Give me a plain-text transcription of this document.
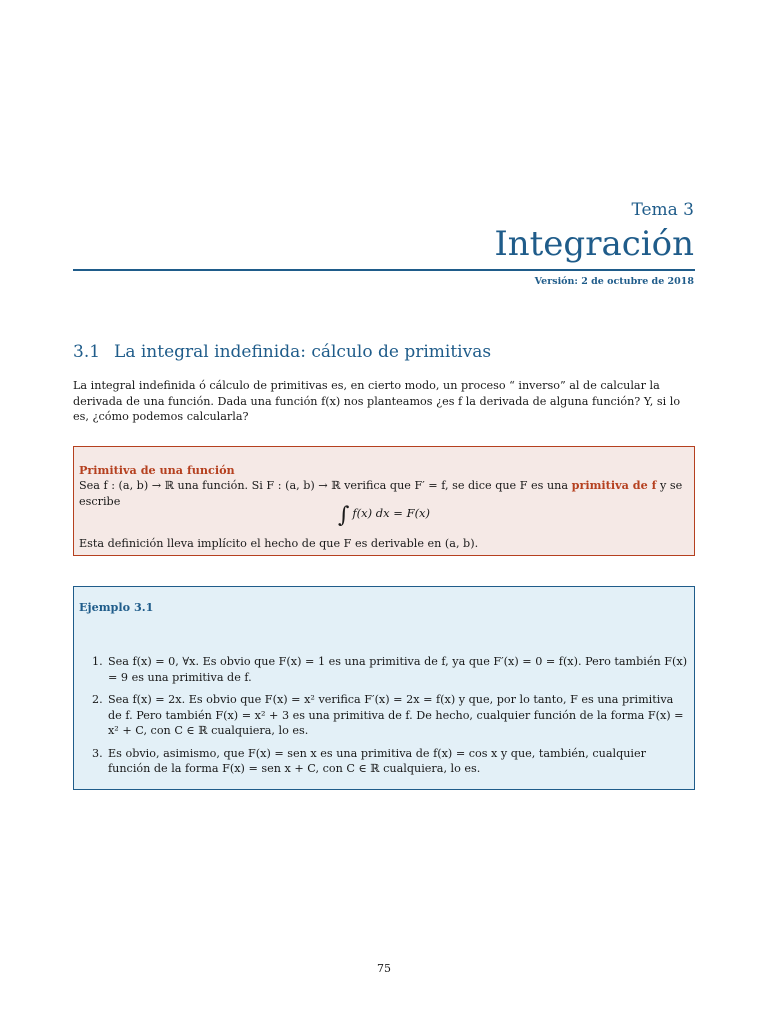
Tema 3
Integración
Versión: 2 de octubre de 2018
3.1 La integral indefinida: cálculo de primitivas
La integral indefinida ó cálculo de primitivas es, en cierto modo, un proceso “ inverso” al de calcular la derivada de una función. Dada una función f(x) nos planteamos ¿es f la derivada de alguna función? Y, si lo es, ¿cómo podemos calcularla?
Primitiva de una función
Sea f : (a, b) → ℝ una función. Si F : (a, b) → ℝ verifica que F′ = f, se dice que F es una primitiva de f y se escribe
∫ f(x) dx = F(x)
Esta definición lleva implícito el hecho de que F es derivable en (a, b).
Ejemplo 3.1
1. Sea f(x) = 0, ∀x. Es obvio que F(x) = 1 es una primitiva de f, ya que F′(x) = 0 = f(x). Pero también F(x) = 9 es una primitiva de f.
2. Sea f(x) = 2x. Es obvio que F(x) = x² verifica F′(x) = 2x = f(x) y que, por lo tanto, F es una primitiva de f. Pero también F(x) = x² + 3 es una primitiva de f. De hecho, cualquier función de la forma F(x) = x² + C, con C ∈ ℝ cualquiera, lo es.
3. Es obvio, asimismo, que F(x) = sen x es una primitiva de f(x) = cos x y que, también, cualquier función de la forma F(x) = sen x + C, con C ∈ ℝ cualquiera, lo es.
75
